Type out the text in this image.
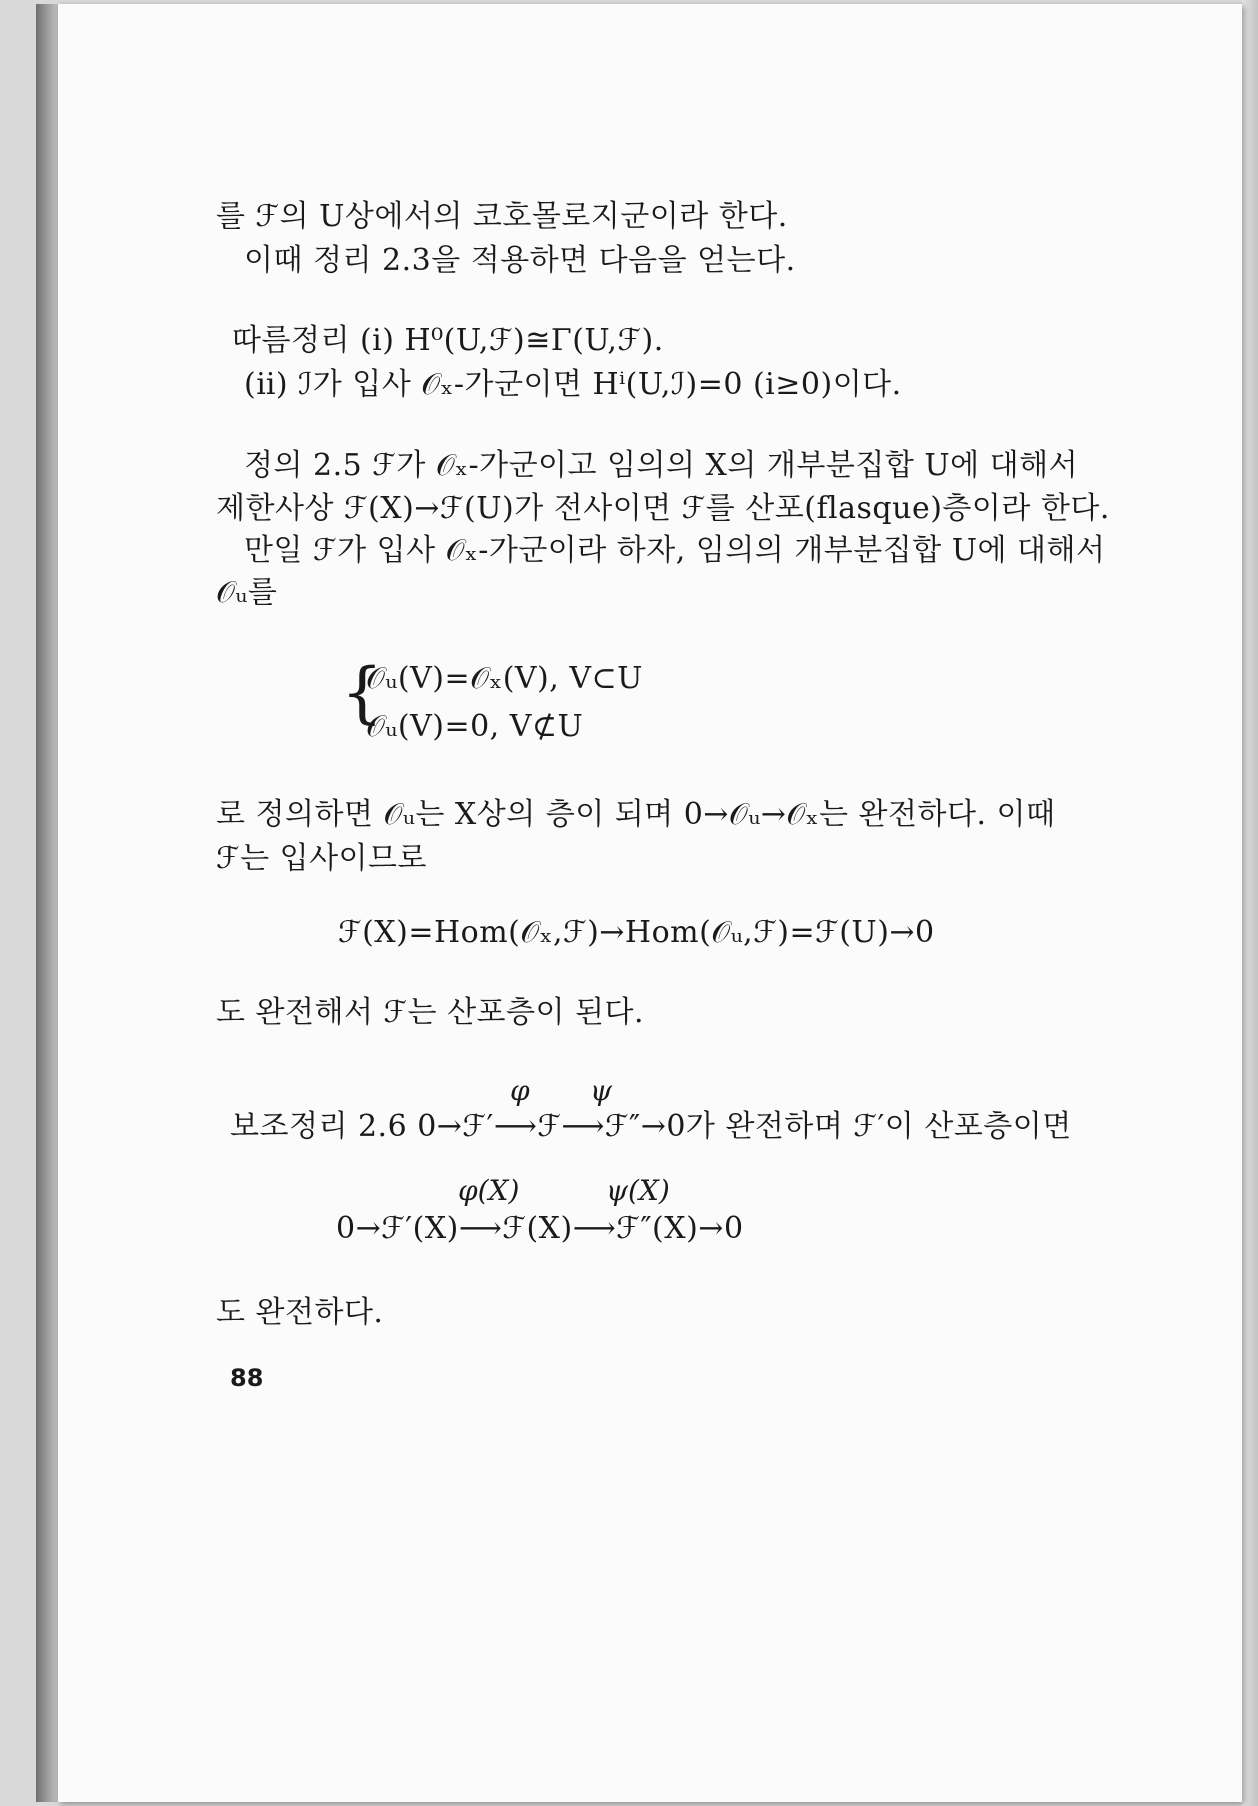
를 ℱ의 U상에서의 코호몰로지군이라 한다.
이때 정리 2.3을 적용하면 다음을 얻는다.
따름정리 (ⅰ) H⁰(U,ℱ)≅Γ(U,ℱ).
(ⅱ) ℐ가 입사 𝒪ₓ-가군이면 Hⁱ(U,ℐ)=0 (i≥0)이다.
정의 2.5 ℱ가 𝒪ₓ-가군이고 임의의 X의 개부분집합 U에 대해서
제한사상 ℱ(X)→ℱ(U)가 전사이면 ℱ를 산포(flasque)층이라 한다.
만일 ℱ가 입사 𝒪ₓ-가군이라 하자, 임의의 개부분집합 U에 대해서
𝒪ᵤ를
{
𝒪ᵤ(V)=𝒪ₓ(V), V⊂U
𝒪ᵤ(V)=0, V⊄U
로 정의하면 𝒪ᵤ는 X상의 층이 되며 0→𝒪ᵤ→𝒪ₓ는 완전하다. 이때
ℱ는 입사이므로
ℱ(X)=Hom(𝒪ₓ,ℱ)→Hom(𝒪ᵤ,ℱ)=ℱ(U)→0
도 완전해서 ℱ는 산포층이 된다.
φ ψ
보조정리 2.6 0→ℱ′⟶ℱ⟶ℱ″→0가 완전하며 ℱ′이 산포층이면
φ(X)	ψ(X)
0→ℱ′(X)⟶ℱ(X)⟶ℱ″(X)→0
도 완전하다.
88
